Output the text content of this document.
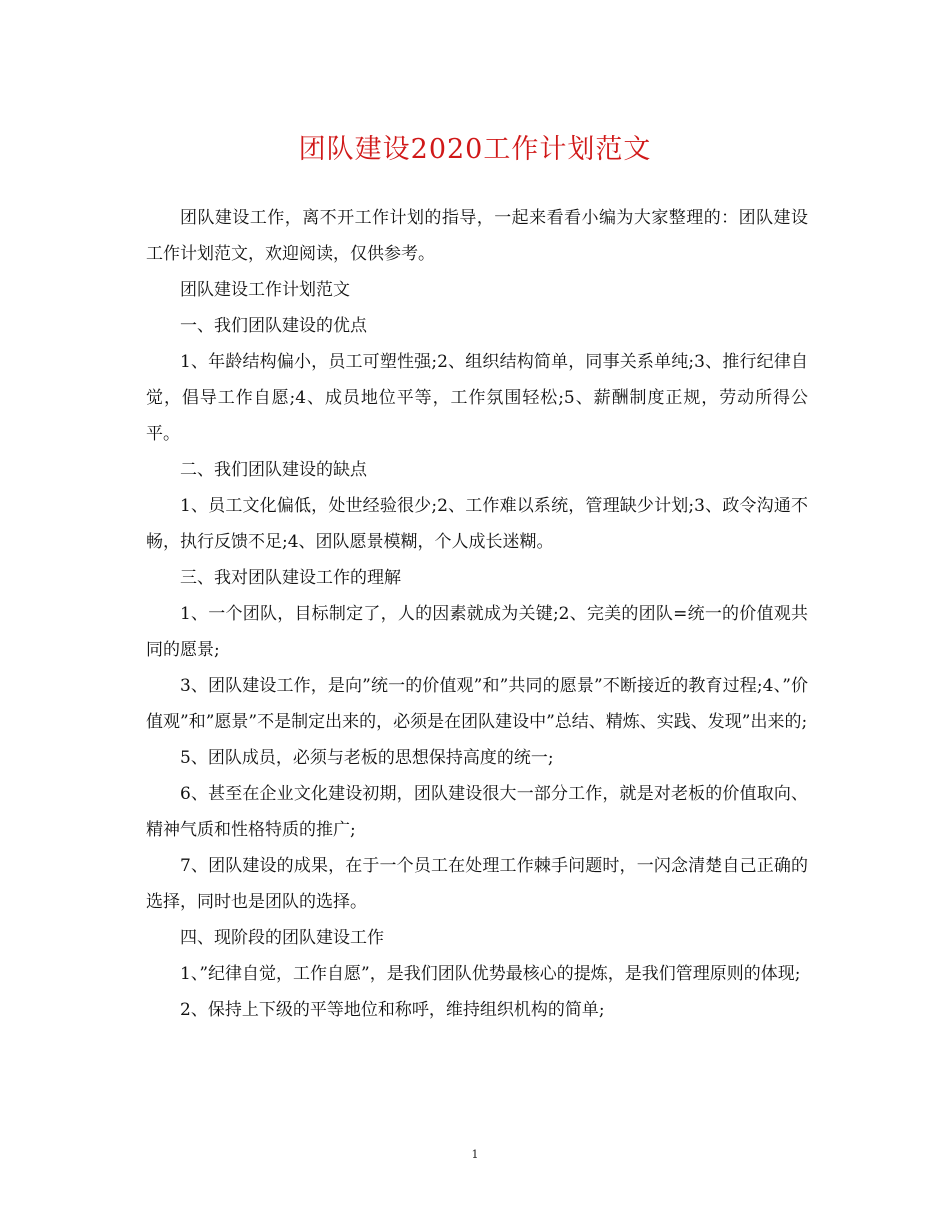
团队建设2020工作计划范文

团队建设工作，离不开工作计划的指导，一起来看看小编为大家整理的：团队建设工作计划范文，欢迎阅读，仅供参考。

团队建设工作计划范文

一、我们团队建设的优点

1、年龄结构偏小，员工可塑性强;2、组织结构简单，同事关系单纯;3、推行纪律自觉，倡导工作自愿;4、成员地位平等，工作氛围轻松;5、薪酬制度正规，劳动所得公平。

二、我们团队建设的缺点

1、员工文化偏低，处世经验很少;2、工作难以系统，管理缺少计划;3、政令沟通不畅，执行反馈不足;4、团队愿景模糊，个人成长迷糊。

三、我对团队建设工作的理解

1、一个团队，目标制定了，人的因素就成为关键;2、完美的团队=统一的价值观共同的愿景;

3、团队建设工作，是向”统一的价值观”和”共同的愿景”不断接近的教育过程;4、”价值观”和”愿景”不是制定出来的，必须是在团队建设中”总结、精炼、实践、发现”出来的;

5、团队成员，必须与老板的思想保持高度的统一;

6、甚至在企业文化建设初期，团队建设很大一部分工作，就是对老板的价值取向、精神气质和性格特质的推广;

7、团队建设的成果，在于一个员工在处理工作棘手问题时，一闪念清楚自己正确的选择，同时也是团队的选择。

四、现阶段的团队建设工作

1、”纪律自觉，工作自愿”，是我们团队优势最核心的提炼，是我们管理原则的体现;

2、保持上下级的平等地位和称呼，维持组织机构的简单;

1
